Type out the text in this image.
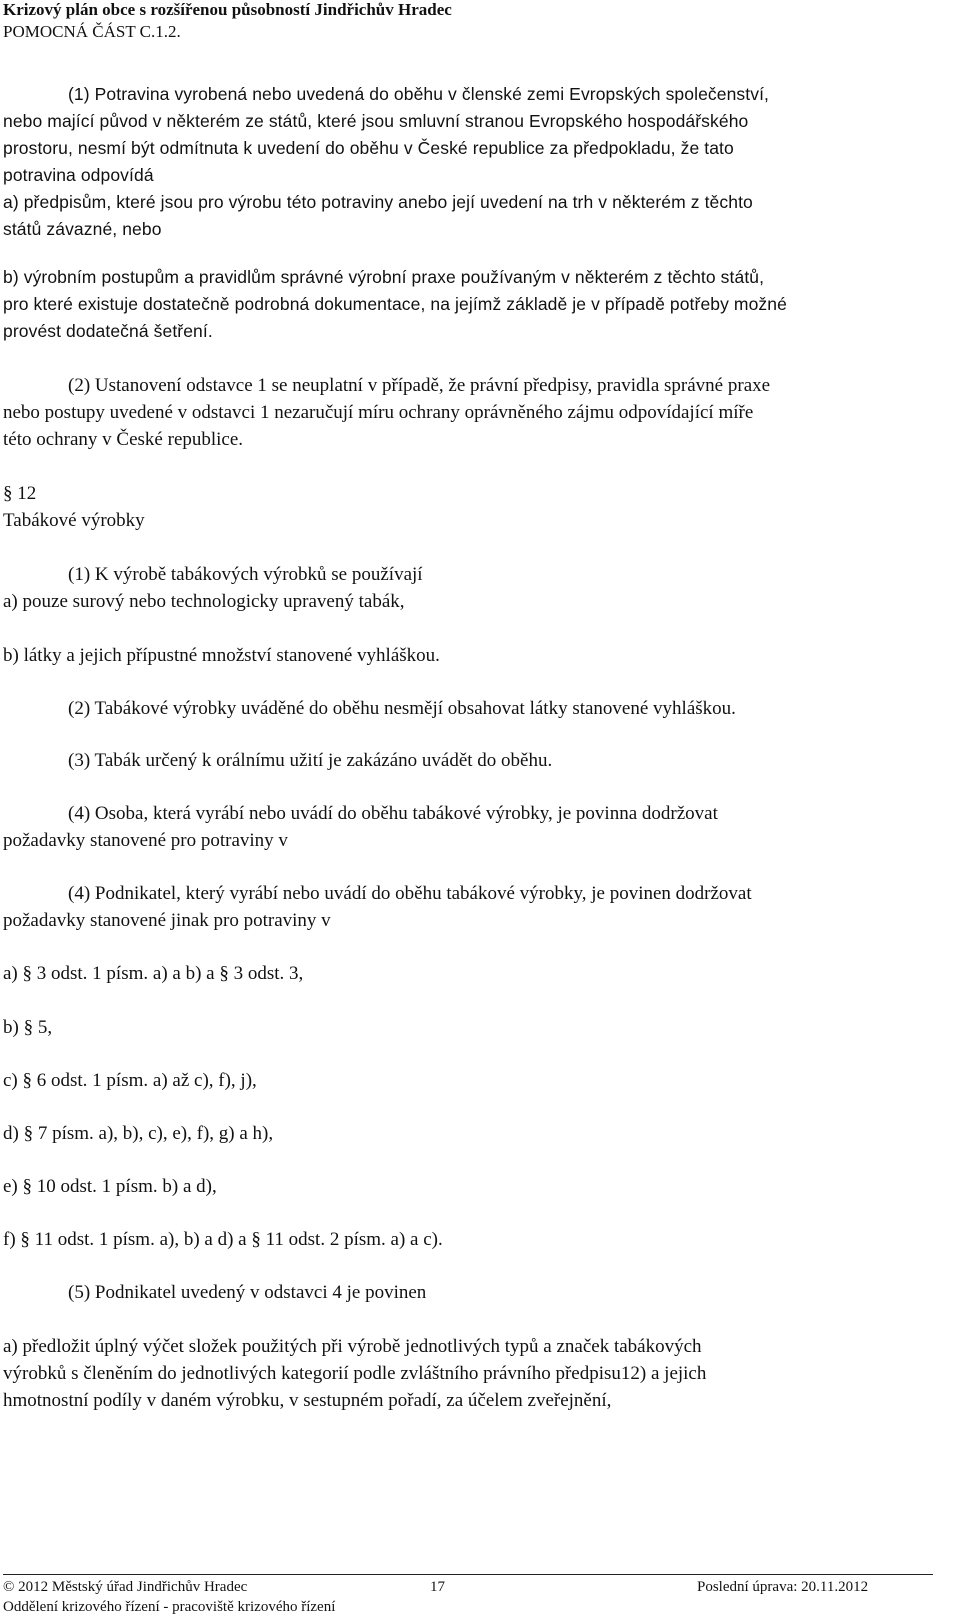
Krizový plán obce s rozšířenou působností Jindřichův Hradec
POMOCNÁ ČÁST C.1.2.
(1) Potravina vyrobená nebo uvedená do oběhu v členské zemi Evropských společenství,
nebo mající původ v některém ze států, které jsou smluvní stranou Evropského hospodářského
prostoru, nesmí být odmítnuta k uvedení do oběhu v České republice za předpokladu, že tato
potravina odpovídá
a) předpisům, které jsou pro výrobu této potraviny anebo její uvedení na trh v některém z těchto
států závazné, nebo
b) výrobním postupům a pravidlům správné výrobní praxe používaným v některém z těchto států,
pro které existuje dostatečně podrobná dokumentace, na jejímž základě je v případě potřeby možné
provést dodatečná šetření.
(2) Ustanovení odstavce 1 se neuplatní v případě, že právní předpisy, pravidla správné praxe
nebo postupy uvedené v odstavci 1 nezaručují míru ochrany oprávněného zájmu odpovídající míře
této ochrany v České republice.
§ 12
Tabákové výrobky
(1) K výrobě tabákových výrobků se používají
a) pouze surový nebo technologicky upravený tabák,
b) látky a jejich přípustné množství stanovené vyhláškou.
(2) Tabákové výrobky uváděné do oběhu nesmějí obsahovat látky stanovené vyhláškou.
(3) Tabák určený k orálnímu užití je zakázáno uvádět do oběhu.
(4) Osoba, která vyrábí nebo uvádí do oběhu tabákové výrobky, je povinna dodržovat
požadavky stanovené pro potraviny v
(4) Podnikatel, který vyrábí nebo uvádí do oběhu tabákové výrobky, je povinen dodržovat
požadavky stanovené jinak pro potraviny v
a) § 3 odst. 1 písm. a) a b) a § 3 odst. 3,
b) § 5,
c) § 6 odst. 1 písm. a) až c), f), j),
d) § 7 písm. a), b), c), e), f), g) a h),
e) § 10 odst. 1 písm. b) a d),
f) § 11 odst. 1 písm. a), b) a d) a § 11 odst. 2 písm. a) a c).
(5) Podnikatel uvedený v odstavci 4 je povinen
a) předložit úplný výčet složek použitých při výrobě jednotlivých typů a značek tabákových
výrobků s členěním do jednotlivých kategorií podle zvláštního právního předpisu12) a jejich
hmotnostní podíly v daném výrobku, v sestupném pořadí, za účelem zveřejnění,
© 2012 Městský úřad Jindřichův Hradec	17	Poslední úprava: 20.11.2012
Oddělení krizového řízení - pracoviště krizového řízení
